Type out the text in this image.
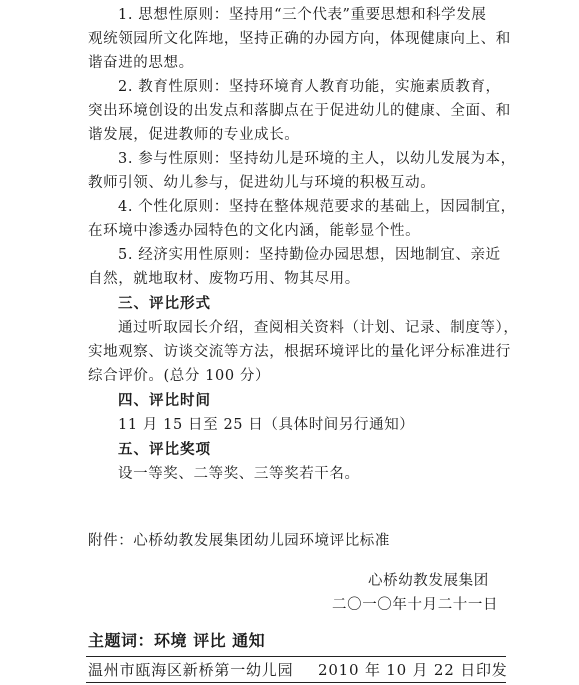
1. 思想性原则：坚持用“三个代表”重要思想和科学发展
观统领园所文化阵地，坚持正确的办园方向，体现健康向上、和
谐奋进的思想。
2. 教育性原则：坚持环境育人教育功能，实施素质教育，
突出环境创设的出发点和落脚点在于促进幼儿的健康、全面、和
谐发展，促进教师的专业成长。
3. 参与性原则：坚持幼儿是环境的主人，以幼儿发展为本，
教师引领、幼儿参与，促进幼儿与环境的积极互动。
4. 个性化原则：坚持在整体规范要求的基础上，因园制宜，
在环境中渗透办园特色的文化内涵，能彰显个性。
5. 经济实用性原则：坚持勤俭办园思想，因地制宜、亲近
自然，就地取材、废物巧用、物其尽用。
三、评比形式
通过听取园长介绍，查阅相关资料（计划、记录、制度等），
实地观察、访谈交流等方法，根据环境评比的量化评分标准进行
综合评价。(总分 100 分）
四、评比时间
11 月 15 日至 25 日（具体时间另行通知）
五、评比奖项
设一等奖、二等奖、三等奖若干名。
附件：心桥幼教发展集团幼儿园环境评比标准
心桥幼教发展集团
二〇一〇年十月二十一日
主题词：环境 评比 通知
温州市瓯海区新桥第一幼儿园 2010 年 10 月 22 日印发
